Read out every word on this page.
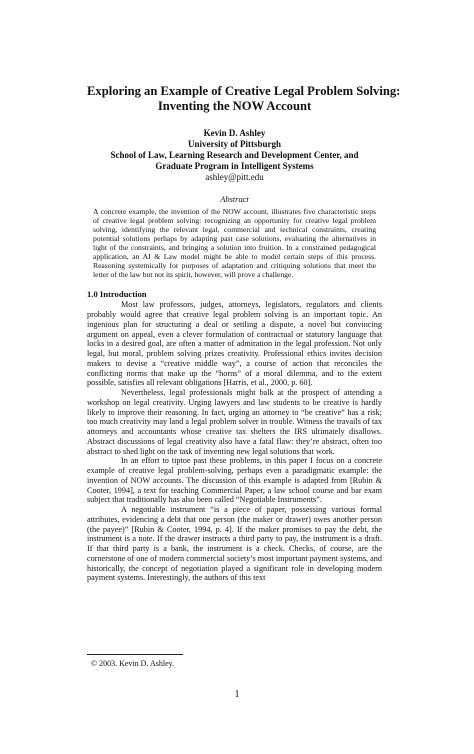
Exploring an Example of Creative Legal Problem Solving:
Inventing the NOW Account
Kevin D. Ashley
University of Pittsburgh
School of Law, Learning Research and Development Center, and
Graduate Program in Intelligent Systems
ashley@pitt.edu
Abstract
A concrete example, the invention of the NOW account, illustrates five characteristic steps of creative legal problem solving: recognizing an opportunity for creative legal problem solving, identifying the relevant legal, commercial and technical constraints, creating potential solutions perhaps by adapting past case solutions, evaluating the alternatives in light of the constraints, and bringing a solution into fruition. In a constrained pedagogical application, an AI & Law model might be able to model certain steps of this process. Reasoning systemically for purposes of adaptation and critiquing solutions that meet the letter of the law but not its spirit, however, will prove a challenge.
1.0 Introduction

Most law professors, judges, attorneys, legislators, regulators and clients probably would agree that creative legal problem solving is an important topic. An ingenious plan for structuring a deal or settling a dispute, a novel but convincing argument on appeal, even a clever formulation of contractual or statutory language that locks in a desired goal, are often a matter of admiration in the legal profession. Not only legal, but moral, problem solving prizes creativity. Professional ethics invites decision makers to devise a “creative middle way”, a course of action that reconciles the conflicting norms that make up the “horns” of a moral dilemma, and to the extent possible, satisfies all relevant obligations [Harris, et al., 2000, p. 60].

Nevertheless, legal professionals might balk at the prospect of attending a workshop on legal creativity. Urging lawyers and law students to be creative is hardly likely to improve their reasoning. In fact, urging an attorney to “be creative” has a risk; too much creativity may land a legal problem solver in trouble. Witness the travails of tax attorneys and accountants whose creative tax shelters the IRS ultimately disallows. Abstract discussions of legal creativity also have a fatal flaw: they’re abstract, often too abstract to shed light on the task of inventing new legal solutions that work.

In an effort to tiptoe past these problems, in this paper I focus on a concrete example of creative legal problem-solving, perhaps even a paradigmatic example: the invention of NOW accounts. The discussion of this example is adapted from [Rubin & Cooter, 1994], a text for teaching Commercial Paper, a law school course and bar exam subject that traditionally has also been called “Negotiable Instruments”.

A negotiable instrument “is a piece of paper, possessing various formal attributes, evidencing a debt that one person (the maker or drawer) owes another person (the payee)” [Rubin & Cooter, 1994, p. 4]. If the maker promises to pay the debt, the instrument is a note. If the drawer instructs a third party to pay, the instrument is a draft. If that third party is a bank, the instrument is a check. Checks, of course, are the cornerstone of one of modern commercial society’s most important payment systems, and historically, the concept of negotiation played a significant role in developing modern payment systems. Interestingly, the authors of this text

© 2003. Kevin D. Ashley.
1
